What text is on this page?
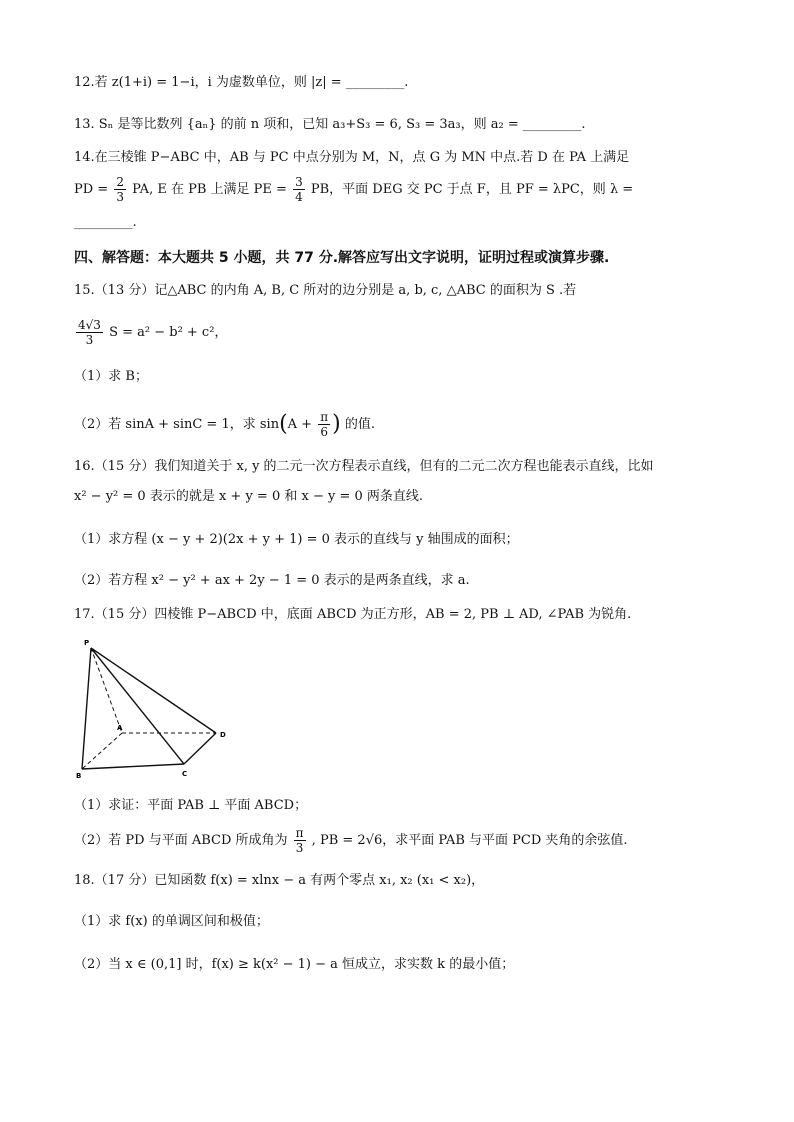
12.若 z(1+i) = 1−i，i 为虚数单位，则 |z| = _________.
13. Sₙ 是等比数列 {aₙ} 的前 n 项和，已知 a₃+S₃ = 6, S₃ = 3a₃，则 a₂ = _________.
14.在三棱锥 P−ABC 中，AB 与 PC 中点分别为 M，N，点 G 为 MN 中点.若 D 在 PA 上满足
PD = $\frac{2}{3}$ PA, E 在 PB 上满足 PE = $\frac{3}{4}$ PB，平面 DEG 交 PC 于点 F，且 PF = λPC，则 λ =
_________.
四、解答题：本大题共 5 小题，共 77 分.解答应写出文字说明，证明过程或演算步骤.
15.（13 分）记△ABC 的内角 A, B, C 所对的边分别是 a, b, c, △ABC 的面积为 S .若
$\frac{4√3}{3}$ S = a² − b² + c²，
（1）求 B；
（2）若 sinA + sinC = 1，求 $\sin(A + \frac{\pi}{6}$ ) 的值.
16.（15 分）我们知道关于 x, y 的二元一次方程表示直线，但有的二元二次方程也能表示直线，比如
x² − y² = 0 表示的就是 x + y = 0 和 x − y = 0 两条直线.
（1）求方程 (x − y + 2)(2x + y + 1) = 0 表示的直线与 y 轴围成的面积；
（2）若方程 x² − y² + ax + 2y − 1 = 0 表示的是两条直线，求 a.
17.（15 分）四棱锥 P−ABCD 中，底面 ABCD 为正方形，AB = 2, PB ⊥ AD, ∠PAB 为锐角.
P
A
D
B	C
（1）求证：平面 PAB ⊥ 平面 ABCD；
（2）若 PD 与平面 ABCD 所成角为 $\frac{\pi}{3}$ , PB = 2√6，求平面 PAB 与平面 PCD 夹角的余弦值.
18.（17 分）已知函数 f(x) = xlnx − a 有两个零点 x₁, x₂ (x₁ < x₂)，
（1）求 f(x) 的单调区间和极值；
（2）当 x ∈ (0,1] 时，f(x) ≥ k(x² − 1) − a 恒成立，求实数 k 的最小值；
